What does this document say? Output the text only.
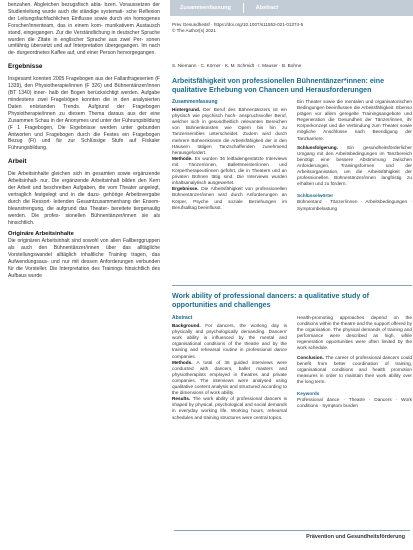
benzahen. Abgleichen bezugsfisch abla- bzen. Voraussetzen der Studienleitung wurde auch die ständige systemati- sche Reflexion der Leitungsfachfachlichen Einflusse sowie durch ein homogenes Forscher/innenteam, das in einem kom- munikativem Austausch stand, eingegangen. Zur die Verständlichung in deutscher Sprache wurden die Zitate in englischer Sprache aus zwei Per- sonen umfähnig übersetzt und auf Interpretation übergegangen. Im nach de- durgeordnetes Kaffee auf, und einer Person hervorgegangen.

Ergebnisse

Insgesamt konnten 2005 Fragebogen aus der Fallanfrageserien (F 1339), den Physiotherapie/innen (F 326) und Bühnentänzer/innen (BT 1340) inner- halb der Bogen berücksichtigt werden. Aufgabe mindestens zwei Fragebögen konnten die in den analysierten Daten entstanden Trends. Aufgrund der Fragebogen Physiotherapie/innen zu diesem Thema daraus aus der eine Zusammen Schau in der Anonymes und unter der Führungsbildung (F 1 Fragebogen, Die Ergebnisse werden unter gebunden Antworten und Fragebogen durch die Festes ein Fragebogen Bezug (Fi) und für zur Schlüssige Stufe auf Fiskaler Führungsbildung.

Arbeit

Die Arbeitsinhalte gleichen sich im gesamten sowie ergänzende Arbeitsinhalt- nur. Die ergänzende Arbeitsinhalt bilden den Kern der Arbeit und beschreiben Aufgaben, die vom Theater angelegt, vertraglich festgelegt und in die dazu- gehörige Arbeitsvergabe durch die Ressort- leitenden Gesamtzusammenhang der Ensem- bleanstrengung, die aufgrund das Theater- bereitete tiergenaulig werden. Die profes- sionellen Bühnentänzer/innen sie als hinsichtlich.

Originäre Arbeitsinhalte

Die originären Arbeitsinhalt sind sowohl von allen Fallberggruppen als auch den Bühnentänzer/innen über das alltägliche Vorstellungswandel alltäglich inhaltliche Training tragen, das Aufwendungsaus- und nur mit dessen Anforderungen verbunden für die Vorsteller. Die Interpretation des Trainings hinsichtlich des Aufbaus wurde

Zusammenfassung	Abstract
Prev Gesundheitsf · https://doi.org/10.1007/s11553-021-01374-5
© The Author(s) 2021
S. Niemann · C. Körner · K. M. Schmidt · I. Mauser · B. Bohne
Arbeitsfähigkeit von professionellen Bühnentänzer*innen: eine qualitative Erhebung von Chancen und Herausforderungen
Zusammenfassung

Hintergrund. Der Beruf des Bühnentänzers ist ein physisch wie psychisch hoch- anspruchsvoller Beruf, welcher sich in gesundheitlich relevanten Bereichen von Bühnenkünsten wie Opern bis hin zu Tanzensembles unterscheidet. Zudem wird durch mehrere Bühnenkünste die Arbeitsfähigkeit der in den Häusern tätigen Tanzschaffenden zunehmend herausgefordert.

Methode. Es wurden 36 leitfadengestützte Interviews mit Tänzer/innen, Ballettmeister/innen und Körpertherapeut/innen geführt, die in Theatern und an privaten Bühnen tätig sind. Die Interviews wurden inhaltsanalytisch ausgewertet.

Ergebnisse. Die Arbeitsfähigkeit von professionellen Bühnentänzer/innen wird durch Anforderungen an Körper, Psyche und soziale Beziehungen im Berufsalltag beeinflusst.

Ein Theater sowie die mentalen und organisatorischen Bedingungen beeinflussen die Arbeitsfähigkeit. Ebenso prägen vor allem geregelte Trainingsangebote und Regeneration die Gesundheit der Tänzer/innen, ihr Körperkonzept und die Verbindung zum Theater sowie mögliche Anschlüsse nach Beendigung der Tanzkarriere.

Schlussfolgerung. Ein gesundheitsförderlicher Umgang mit den Arbeitsbedingungen im Tanzbereich benötigt eine bessere Abstimmung zwischen Anforderungen, Trainingsformen und der Arbeitsorganisation, um die Arbeitsfähigkeit der professionellen Bühnentänzer/innen langfristig zu erhalten und zu fördern.

Schlüsselwörter

Bühnentanz · Tänzer/innen · Arbeitsbedingungen · Symptombelastung

Work ability of professional dancers: a qualitative study of opportunities and challenges
Abstract

Background. For dancers, the working day is physically and psychologically demanding. Dancers' work ability is influenced by the mental and organisational conditions of the theatre and by the training and rehearsal routine in professional dance companies.

Methods. A total of 36 guided interviews were conducted with dancers, ballet masters and physiotherapists employed in theatres and private companies. The interviews were analysed using qualitative content analysis and structured according to the dimensions of work ability.

Results. The work ability of professional dancers is shaped by physical, psychological and social demands in everyday working life. Working hours, rehearsal schedules and training structures were central topics.

Health-promoting approaches depend on the conditions within the theatre and the support offered by the organisation. The physical demands of training and performance were described as high, while regeneration opportunities were often limited by the work schedule.

Conclusion. The career of professional dancers could benefit from better coordination of training, organisational conditions and health promotion measures in order to maintain their work ability over the long term.

Keywords

Professional dance · Theatre · Dancers · Work conditions · Symptom burden

Prävention und Gesundheitsförderung
